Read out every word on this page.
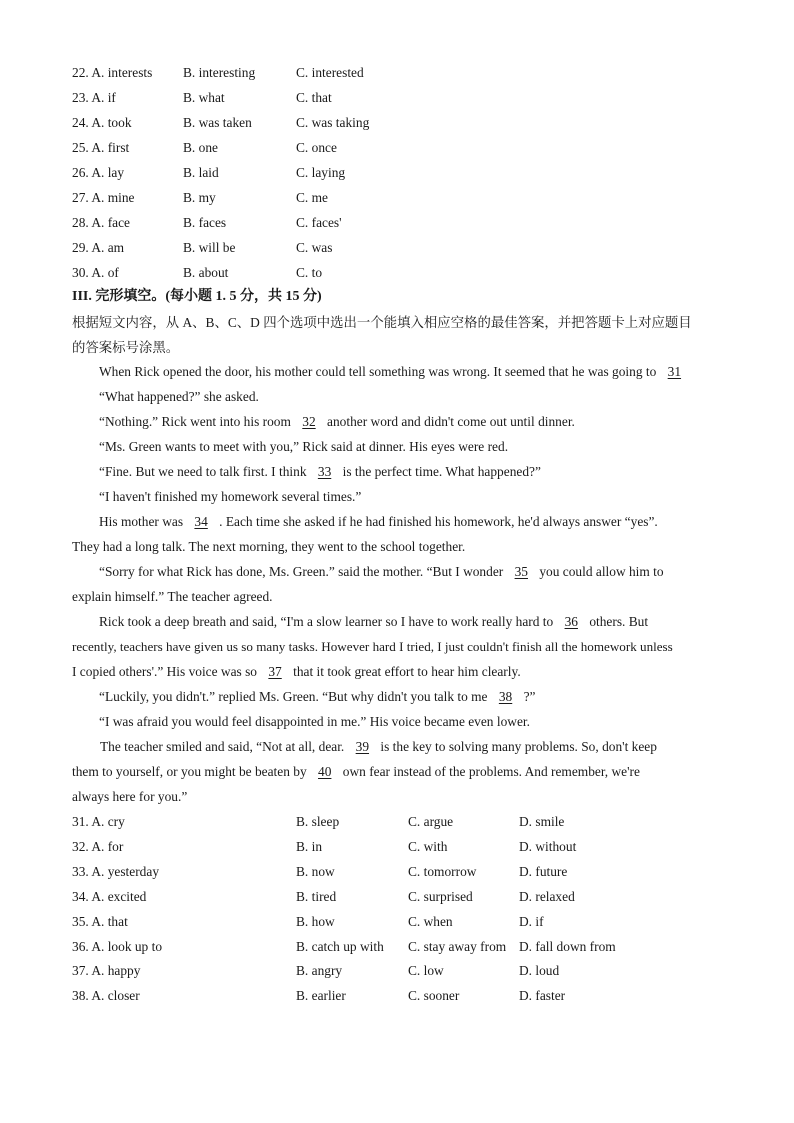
22. A. interests B. interesting	C. interested
23. A. if	B. what	C. that
24. A. took	B. was taken	C. was taking
25. A. first	B. one	C. once
26. A. lay	B. laid	C. laying
27. A. mine	B. my	C. me
28. A. face	B. faces	C. faces'
29. A. am	B. will be	C. was
30. A. of	B. about	C. to
III. 完形填空。(每小题 1. 5 分，共 15 分)
根据短文内容，从 A、B、C、D 四个选项中选出一个能填入相应空格的最佳答案，并把答题卡上对应题目
的答案标号涂黑。
When Rick opened the door, his mother could tell something was wrong. It seemed that he was going to 31
“What happened?” she asked.
“Nothing.” Rick went into his room 32 another word and didn't come out until dinner.
“Ms. Green wants to meet with you,” Rick said at dinner. His eyes were red.
“Fine. But we need to talk first. I think 33 is the perfect time. What happened?”
“I haven't finished my homework several times.”
His mother was 34 . Each time she asked if he had finished his homework, he'd always answer “yes”.
They had a long talk. The next morning, they went to the school together.
“Sorry for what Rick has done, Ms. Green.” said the mother. “But I wonder 35 you could allow him to
explain himself.” The teacher agreed.
Rick took a deep breath and said, “I'm a slow learner so I have to work really hard to 36 others. But
recently, teachers have given us so many tasks. However hard I tried, I just couldn't finish all the homework unless
I copied others'.” His voice was so 37 that it took great effort to hear him clearly.
“Luckily, you didn't.” replied Ms. Green. “But why didn't you talk to me 38 ?”
“I was afraid you would feel disappointed in me.” His voice became even lower.
The teacher smiled and said, “Not at all, dear. 39 is the key to solving many problems. So, don't keep
them to yourself, or you might be beaten by 40 own fear instead of the problems. And remember, we're
always here for you.”
31. A. cry	B. sleep	C. argue	D. smile
32. A. for	B. in	C. with	D. without
33. A. yesterday	B. now	C. tomorrow	D. future
34. A. excited	B. tired	C. surprised	D. relaxed
35. A. that	B. how	C. when	D. if
36. A. look up to	B. catch up with C. stay away from D. fall down from
37. A. happy	B. angry	C. low	D. loud
38. A. closer	B. earlier	C. sooner	D. faster
